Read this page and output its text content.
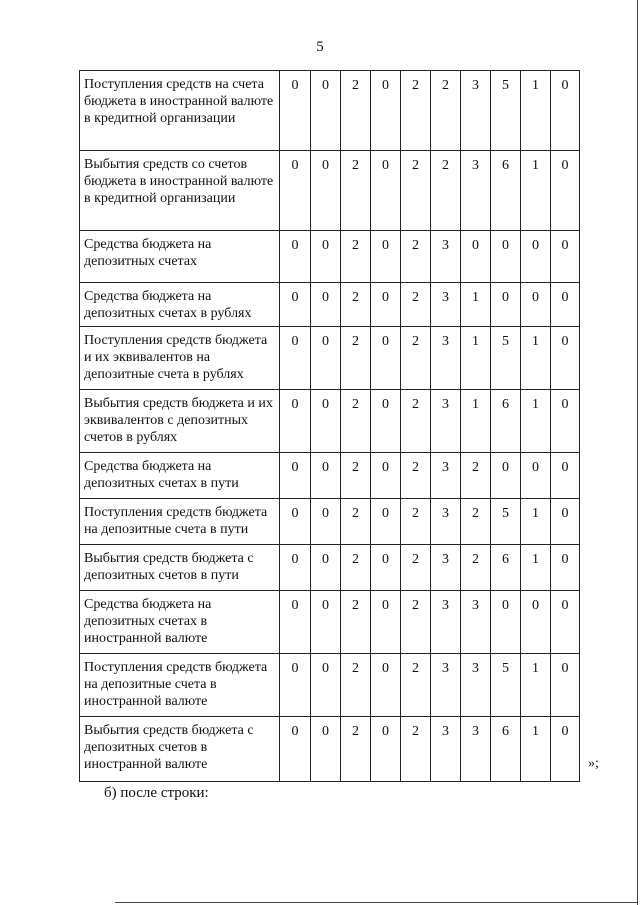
5
Поступления средств на счета бюджета в иностранной валюте в кредитной организации	0	0	2	0	2	2	3	5	1	0
Выбытия средств со счетов бюджета в иностранной валюте в кредитной организации	0	0	2	0	2	2	3	6	1	0
Средства бюджета на депозитных счетах	0	0	2	0	2	3	0	0	0	0
Средства бюджета на депозитных счетах в рублях	0	0	2	0	2	3	1	0	0	0
Поступления средств бюджета и их эквивалентов на депозитные счета в рублях	0	0	2	0	2	3	1	5	1	0
Выбытия средств бюджета и их эквивалентов с депозитных счетов в рублях	0	0	2	0	2	3	1	6	1	0
Средства бюджета на депозитных счетах в пути	0	0	2	0	2	3	2	0	0	0
Поступления средств бюджета на депозитные счета в пути	0	0	2	0	2	3	2	5	1	0
Выбытия средств бюджета с депозитных счетов в пути	0	0	2	0	2	3	2	6	1	0
Средства бюджета на депозитных счетах в иностранной валюте	0	0	2	0	2	3	3	0	0	0
Поступления средств бюджета на депозитные счета в иностранной валюте	0	0	2	0	2	3	3	5	1	0
Выбытия средств бюджета с депозитных счетов в иностранной валюте	0	0	2	0	2	3	3	6	1	0
»;
б) после строки:
